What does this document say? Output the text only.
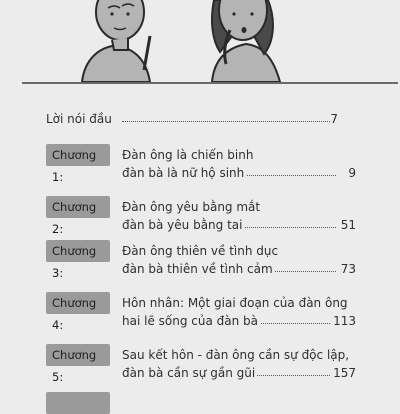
Lời nói đầu	7
Chương 1:
Đàn ông là chiến binh
đàn bà là nữ hộ sinh	9
Chương 2:
Đàn ông yêu bằng mắt
đàn bà yêu bằng tai	51
Chương 3:
Đàn ông thiên về tình dục
đàn bà thiên về tình cảm	73
Chương 4:
Hôn nhân: Một giai đoạn của đàn ông
hai lẽ sống của đàn bà	113
Chương 5:
Sau kết hôn - đàn ông cần sự độc lập,
đàn bà cần sự gần gũi	157
